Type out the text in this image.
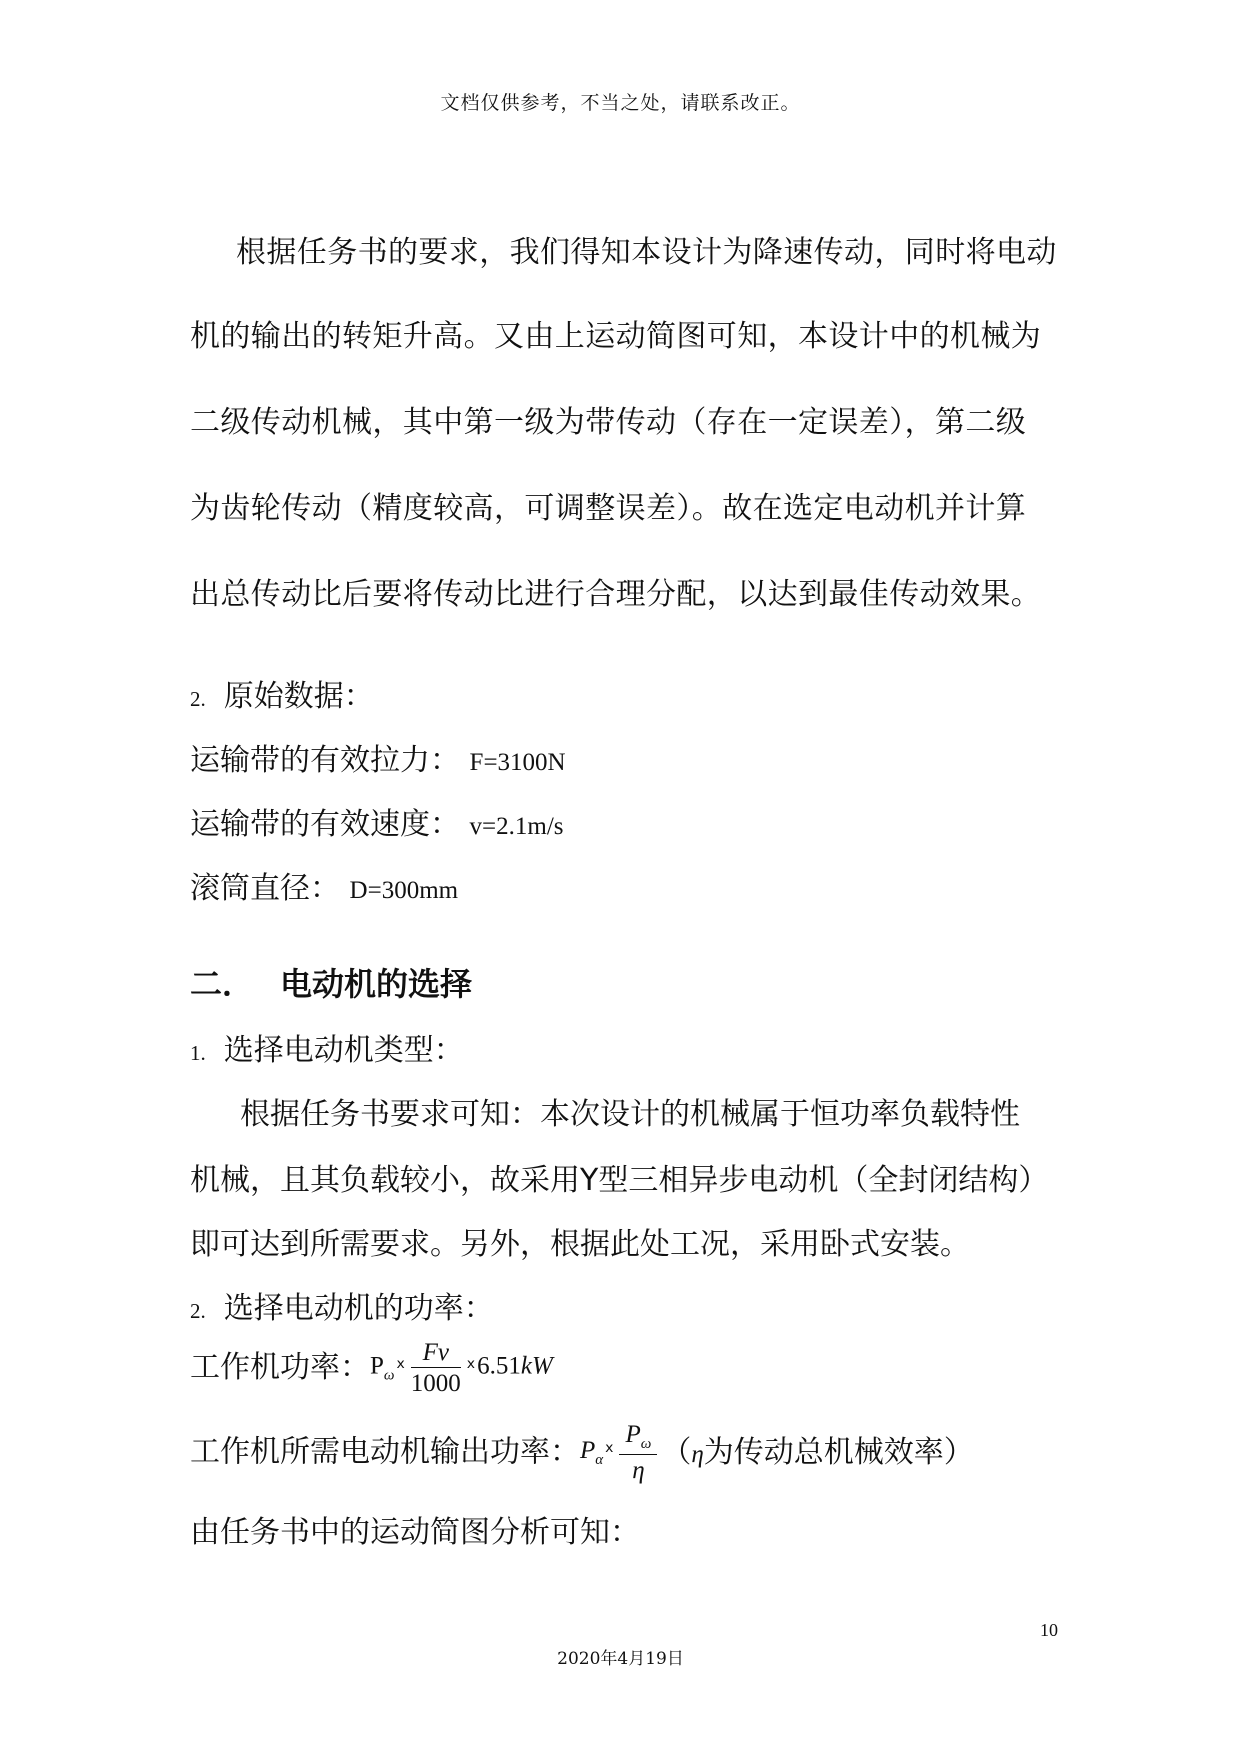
文档仅供参考，不当之处，请联系改正。
根据任务书的要求，我们得知本设计为降速传动，同时将电动
机的输出的转矩升高。又由上运动简图可知，本设计中的机械为
二级传动机械，其中第一级为带传动（存在一定误差），第二级
为齿轮传动（精度较高，可调整误差）。故在选定电动机并计算
出总传动比后要将传动比进行合理分配，以达到最佳传动效果。
2. 原始数据：
运输带的有效拉力： F=3100N
运输带的有效速度： v=2.1m/s
滚筒直径： D=300mm
二． 电动机的选择
1. 选择电动机类型：
根据任务书要求可知：本次设计的机械属于恒功率负载特性
机械，且其负载较小，故采用Y型三相异步电动机（全封闭结构）
即可达到所需要求。另外，根据此处工况，采用卧式安装。
2. 选择电动机的功率：
工作机功率：$P_\omega^ⅹ \frac{Fv}{1000} ^ⅹ6.51kW$
工作机所需电动机输出功率：$P_\alpha^ⅹ \frac{P_\omega}{\eta} (\eta$为传动总机械效率）
由任务书中的运动简图分析可知：
10
2020年4月19日
